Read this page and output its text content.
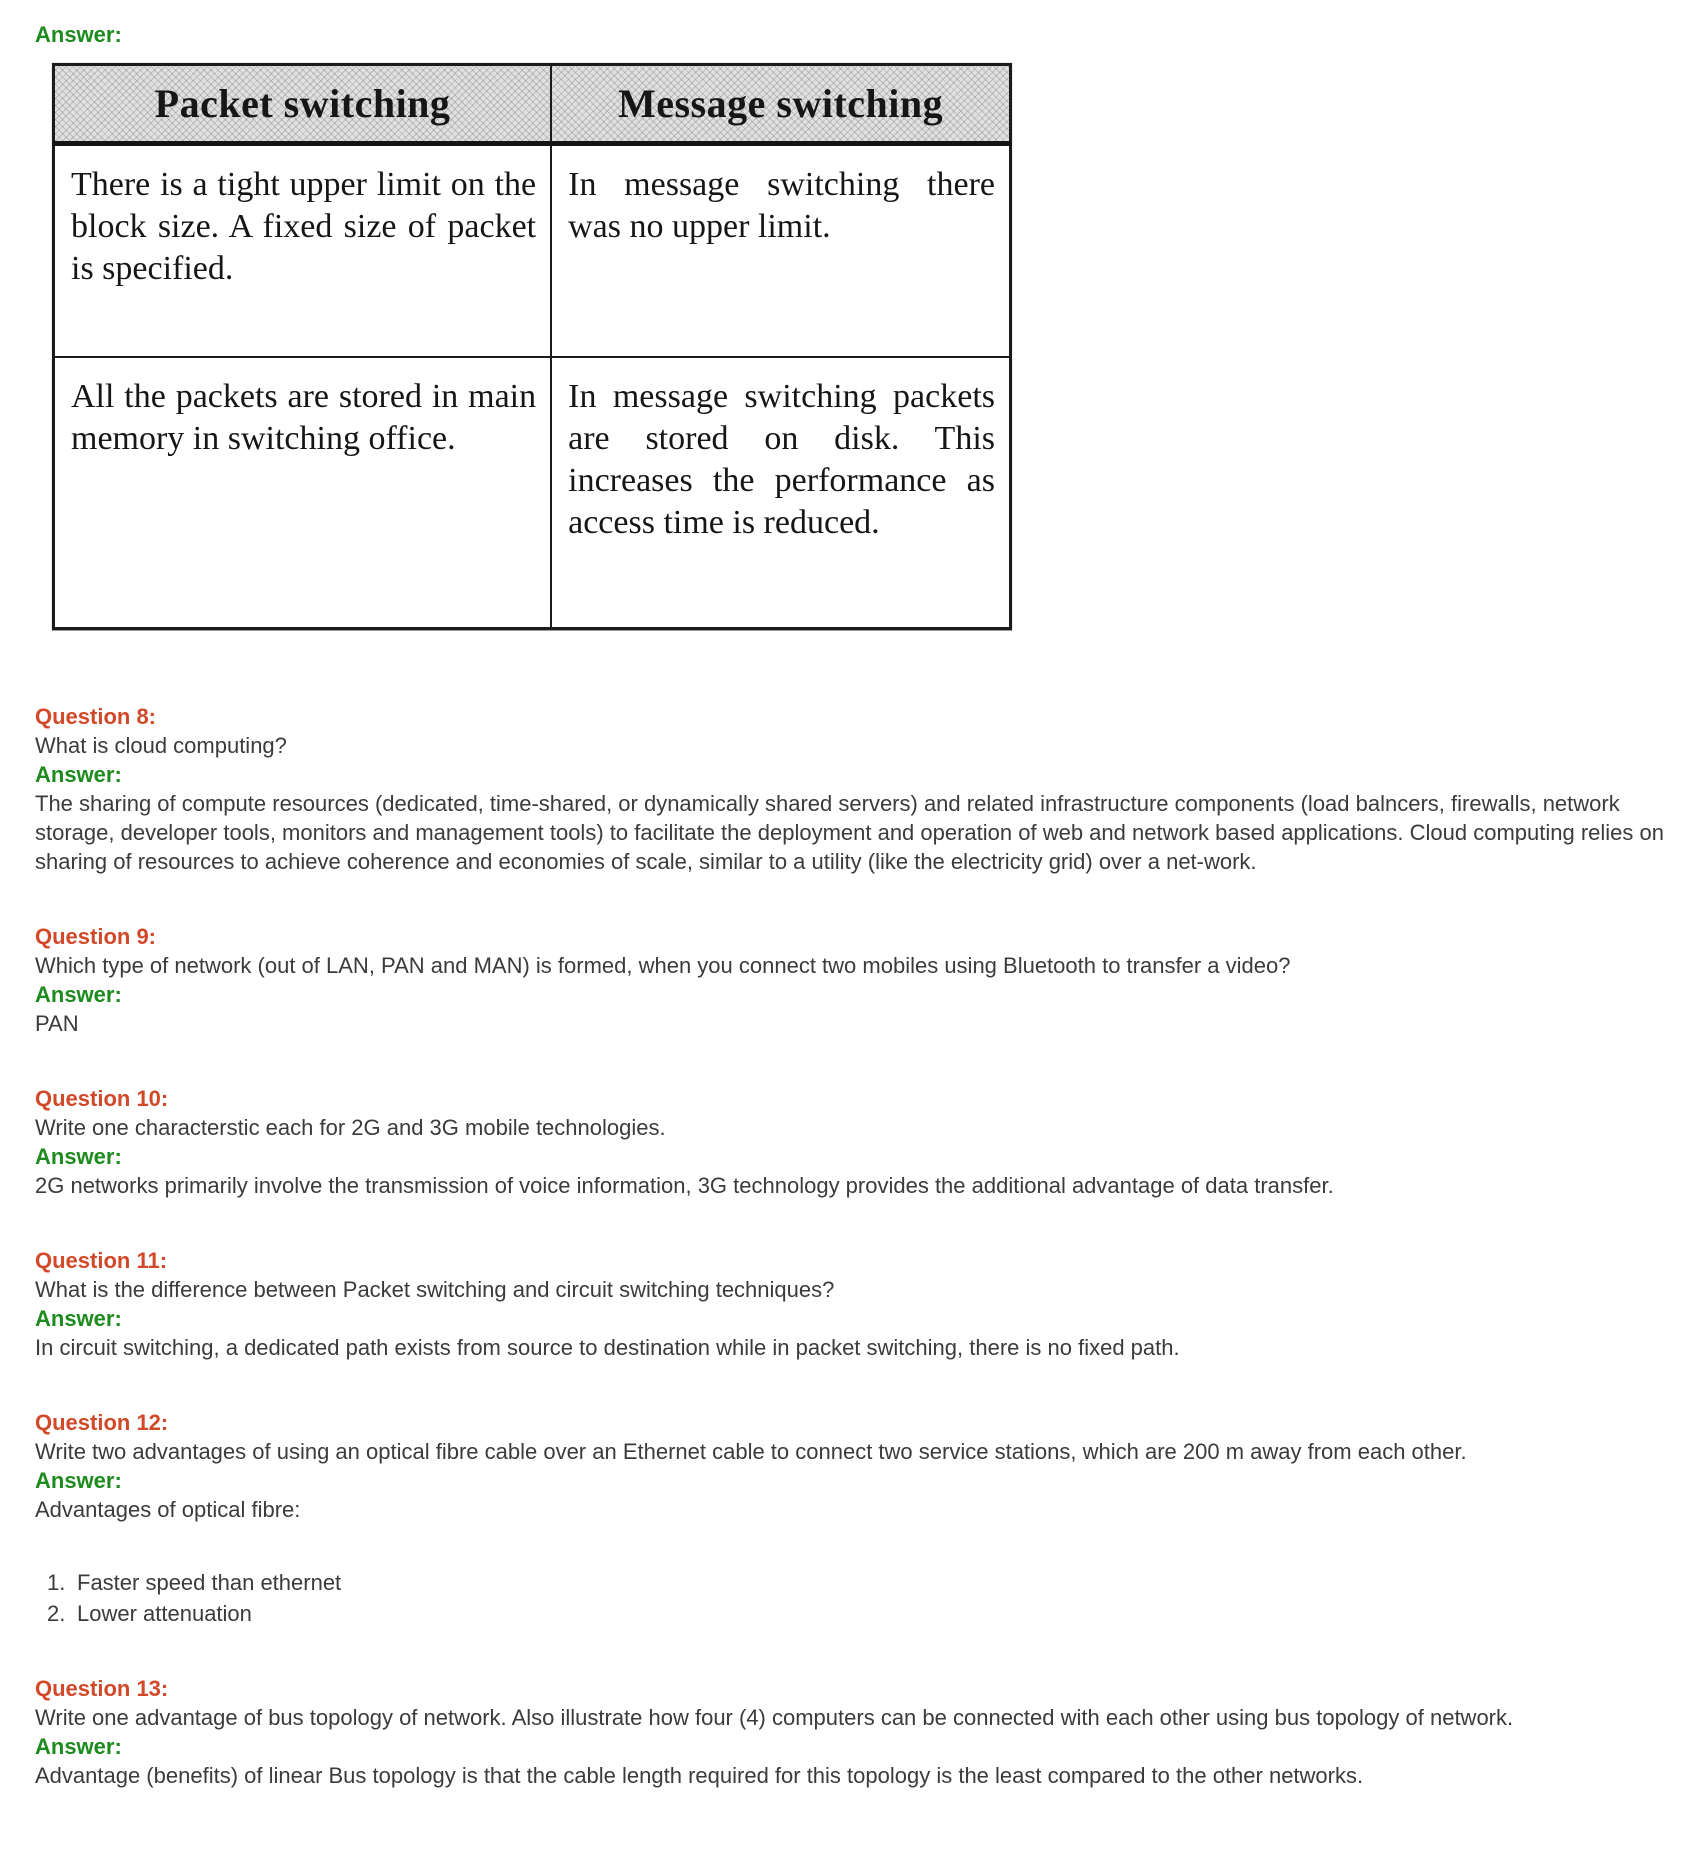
Answer:
Packet switching	Message switching
There is a tight upper limit on the block size. A fixed size of packet is specified.	In message switching there was no upper limit.
All the packets are stored in main memory in switching office.	In message switching packets are stored on disk. This increases the performance as access time is reduced.
Question 8:
What is cloud computing?
Answer:
The sharing of compute resources (dedicated, time-shared, or dynamically shared servers) and related infrastructure components (load balncers, firewalls, network storage, developer tools, monitors and management tools) to facilitate the deployment and operation of web and network based applications. Cloud computing relies on sharing of resources to achieve coherence and economies of scale, similar to a utility (like the electricity grid) over a net-work.
Question 9:
Which type of network (out of LAN, PAN and MAN) is formed, when you connect two mobiles using Bluetooth to transfer a video?
Answer:
PAN
Question 10:
Write one characterstic each for 2G and 3G mobile technologies.
Answer:
2G networks primarily involve the transmission of voice information, 3G technology provides the additional advantage of data transfer.
Question 11:
What is the difference between Packet switching and circuit switching techniques?
Answer:
In circuit switching, a dedicated path exists from source to destination while in packet switching, there is no fixed path.
Question 12:
Write two advantages of using an optical fibre cable over an Ethernet cable to connect two service stations, which are 200 m away from each other.
Answer:
Advantages of optical fibre:
1. Faster speed than ethernet
2. Lower attenuation
Question 13:
Write one advantage of bus topology of network. Also illustrate how four (4) computers can be connected with each other using bus topology of network.
Answer:
Advantage (benefits) of linear Bus topology is that the cable length required for this topology is the least compared to the other networks.
